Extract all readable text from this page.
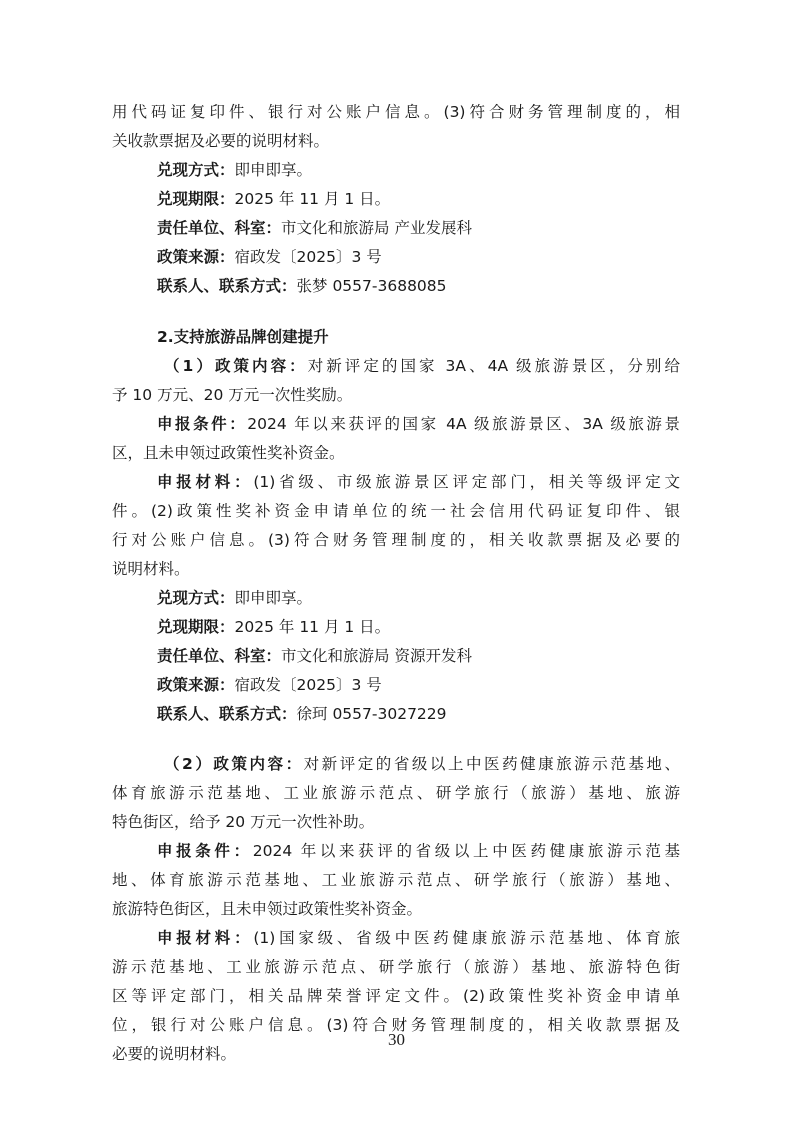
用代码证复印件、银行对公账户信息。(3)符合财务管理制度的，相
关收款票据及必要的说明材料。
兑现方式：即申即享。
兑现期限：2025 年 11 月 1 日。
责任单位、科室：市文化和旅游局 产业发展科
政策来源：宿政发〔2025〕3 号
联系人、联系方式：张梦 0557-3688085
2.支持旅游品牌创建提升
（1）政策内容：对新评定的国家 3A、4A 级旅游景区，分别给
予 10 万元、20 万元一次性奖励。
申报条件：2024 年以来获评的国家 4A 级旅游景区、3A 级旅游景
区，且未申领过政策性奖补资金。
申报材料：(1)省级、市级旅游景区评定部门，相关等级评定文
件。(2)政策性奖补资金申请单位的统一社会信用代码证复印件、银
行对公账户信息。(3)符合财务管理制度的，相关收款票据及必要的
说明材料。
兑现方式：即申即享。
兑现期限：2025 年 11 月 1 日。
责任单位、科室：市文化和旅游局 资源开发科
政策来源：宿政发〔2025〕3 号
联系人、联系方式：徐珂 0557-3027229
（2）政策内容：对新评定的省级以上中医药健康旅游示范基地、
体育旅游示范基地、工业旅游示范点、研学旅行（旅游）基地、旅游
特色街区，给予 20 万元一次性补助。
申报条件：2024 年以来获评的省级以上中医药健康旅游示范基
地、体育旅游示范基地、工业旅游示范点、研学旅行（旅游）基地、
旅游特色街区，且未申领过政策性奖补资金。
申报材料：(1)国家级、省级中医药健康旅游示范基地、体育旅
游示范基地、工业旅游示范点、研学旅行（旅游）基地、旅游特色街
区等评定部门，相关品牌荣誉评定文件。(2)政策性奖补资金申请单
位，银行对公账户信息。(3)符合财务管理制度的，相关收款票据及
必要的说明材料。
30
